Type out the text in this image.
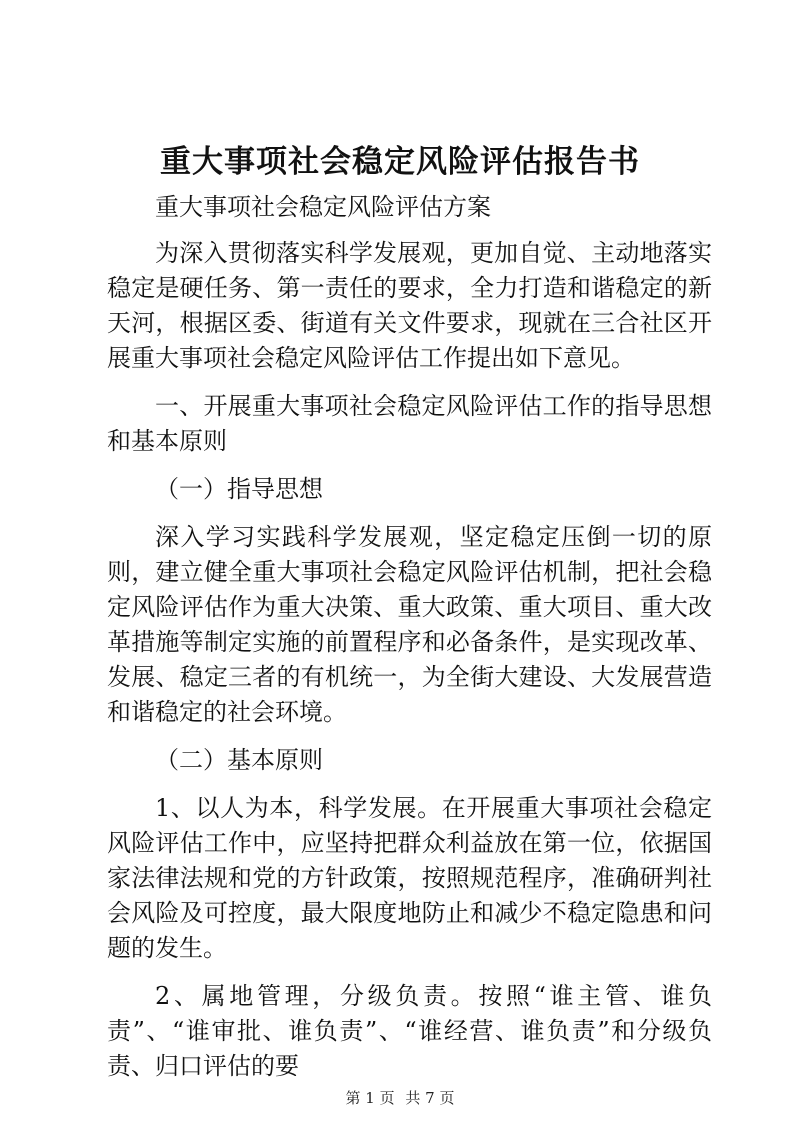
重大事项社会稳定风险评估报告书

重大事项社会稳定风险评估方案

为深入贯彻落实科学发展观，更加自觉、主动地落实稳定是硬任务、第一责任的要求，全力打造和谐稳定的新天河，根据区委、街道有关文件要求，现就在三合社区开展重大事项社会稳定风险评估工作提出如下意见。

一、开展重大事项社会稳定风险评估工作的指导思想和基本原则

（一）指导思想

深入学习实践科学发展观，坚定稳定压倒一切的原则，建立健全重大事项社会稳定风险评估机制，把社会稳定风险评估作为重大决策、重大政策、重大项目、重大改革措施等制定实施的前置程序和必备条件，是实现改革、发展、稳定三者的有机统一，为全街大建设、大发展营造和谐稳定的社会环境。

（二）基本原则

1、以人为本，科学发展。在开展重大事项社会稳定风险评估工作中，应坚持把群众利益放在第一位，依据国家法律法规和党的方针政策，按照规范程序，准确研判社会风险及可控度，最大限度地防止和减少不稳定隐患和问题的发生。

2、属地管理，分级负责。按照“谁主管、谁负责”、“谁审批、谁负责”、“谁经营、谁负责”和分级负责、归口评估的要

第 1 页 共 7 页
